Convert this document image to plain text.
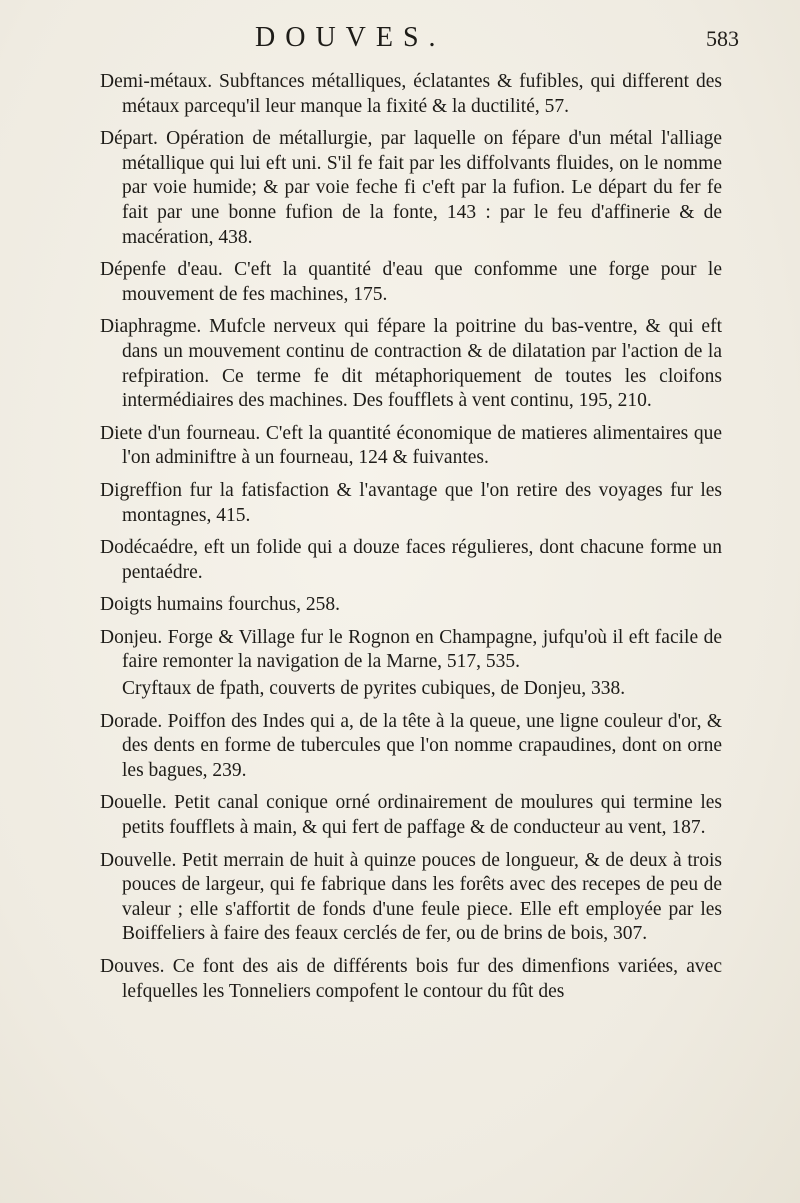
DOUVES.	583

Demi-métaux. Subftances métalliques, éclatantes & fufibles, qui different des métaux parcequ'il leur manque la fixité & la ductilité, 57.

Départ. Opération de métallurgie, par laquelle on fépare d'un métal l'alliage métallique qui lui eft uni. S'il fe fait par les diffolvants fluides, on le nomme par voie humide; & par voie feche fi c'eft par la fufion. Le départ du fer fe fait par une bonne fufion de la fonte, 143 : par le feu d'affinerie & de macération, 438.

Dépenfe d'eau. C'eft la quantité d'eau que confomme une forge pour le mouvement de fes machines, 175.

Diaphragme. Mufcle nerveux qui fépare la poitrine du bas-ventre, & qui eft dans un mouvement continu de contraction & de dilatation par l'action de la refpiration. Ce terme fe dit métaphoriquement de toutes les cloifons intermédiaires des machines. Des foufflets à vent continu, 195, 210.

Diete d'un fourneau. C'eft la quantité économique de matieres alimentaires que l'on adminiftre à un fourneau, 124 & fuivantes.

Digreffion fur la fatisfaction & l'avantage que l'on retire des voyages fur les montagnes, 415.

Dodécaédre, eft un folide qui a douze faces régulieres, dont chacune forme un pentaédre.

Doigts humains fourchus, 258.

Donjeu. Forge & Village fur le Rognon en Champagne, jufqu'où il eft facile de faire remonter la navigation de la Marne, 517, 535.

Cryftaux de fpath, couverts de pyrites cubiques, de Donjeu, 338.

Dorade. Poiffon des Indes qui a, de la tête à la queue, une ligne couleur d'or, & des dents en forme de tubercules que l'on nomme crapaudines, dont on orne les bagues, 239.

Douelle. Petit canal conique orné ordinairement de moulures qui termine les petits foufflets à main, & qui fert de paffage & de conducteur au vent, 187.

Douvelle. Petit merrain de huit à quinze pouces de longueur, & de deux à trois pouces de largeur, qui fe fabrique dans les forêts avec des recepes de peu de valeur ; elle s'affortit de fonds d'une feule piece. Elle eft employée par les Boiffeliers à faire des feaux cerclés de fer, ou de brins de bois, 307.

Douves. Ce font des ais de différents bois fur des dimenfions variées, avec lefquelles les Tonneliers compofent le contour du fût des
